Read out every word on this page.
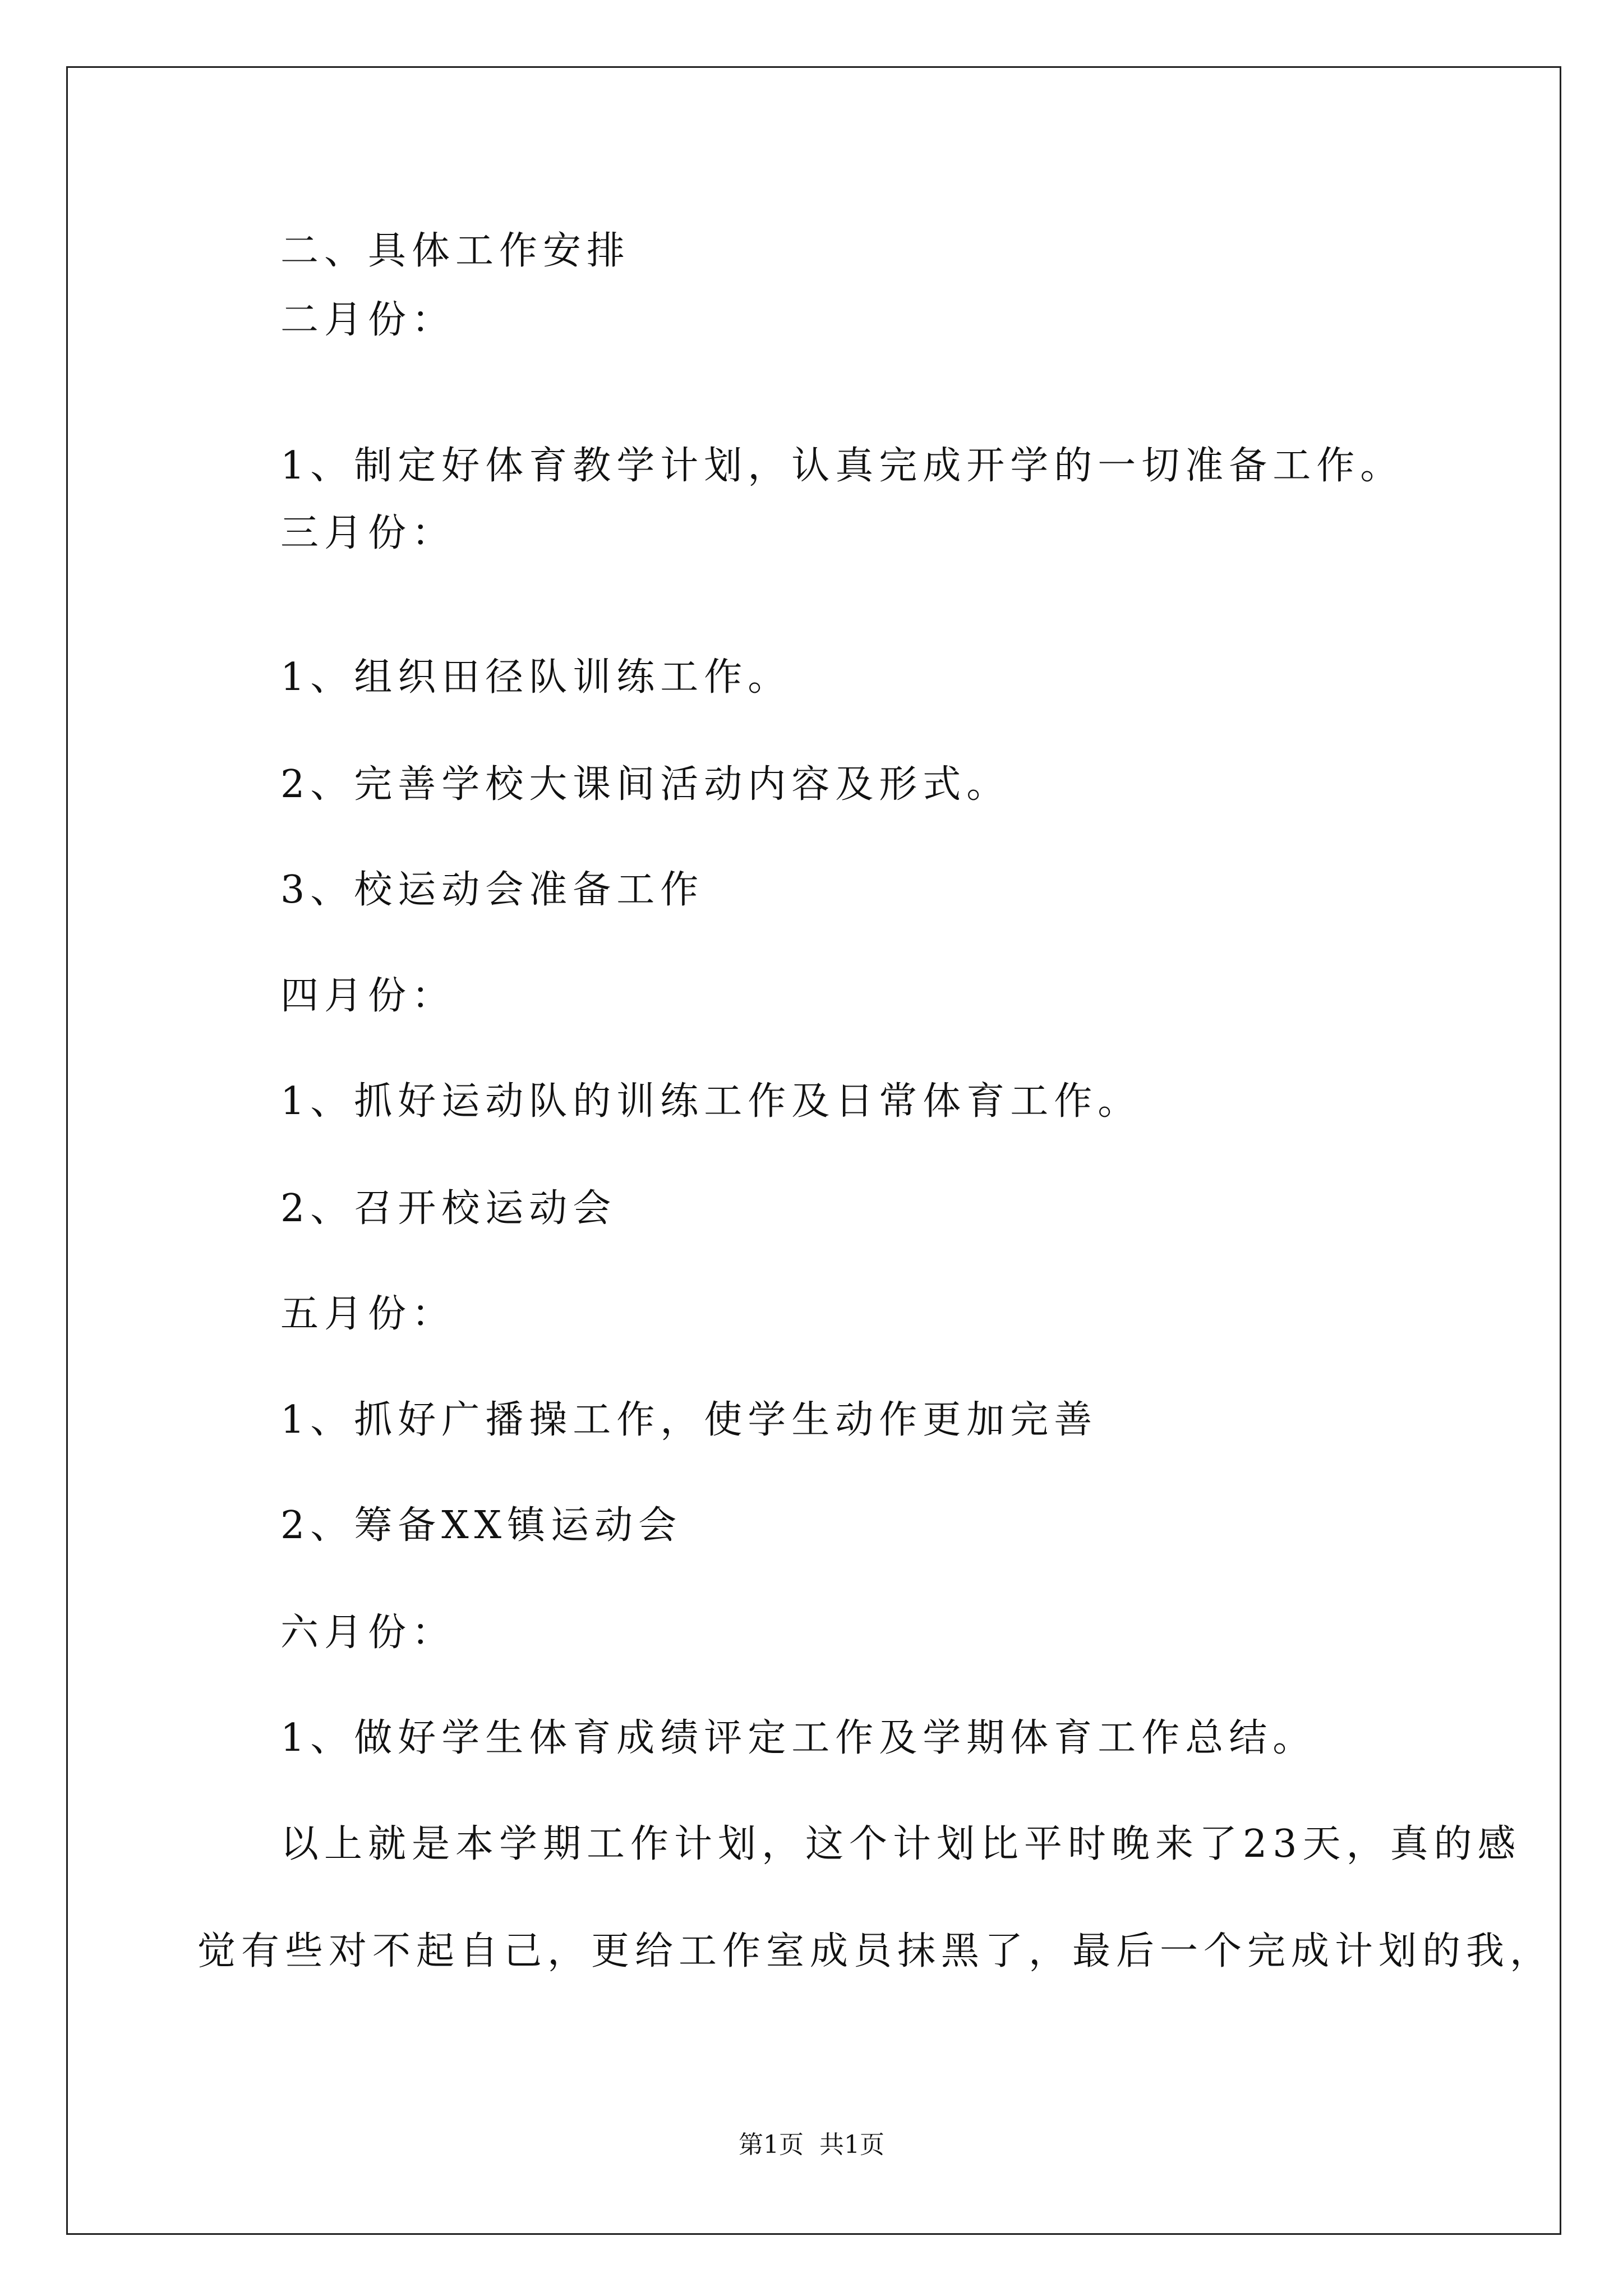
二、具体工作安排
二月份：
1、制定好体育教学计划，认真完成开学的一切准备工作。
三月份：
1、组织田径队训练工作。
2、完善学校大课间活动内容及形式。
3、校运动会准备工作
四月份：
1、抓好运动队的训练工作及日常体育工作。
2、召开校运动会
五月份：
1、抓好广播操工作，使学生动作更加完善
2、筹备XX镇运动会
六月份：
1、做好学生体育成绩评定工作及学期体育工作总结。
以上就是本学期工作计划，这个计划比平时晚来了23天，真的感
觉有些对不起自己，更给工作室成员抹黑了，最后一个完成计划的我，
第1页  共1页
